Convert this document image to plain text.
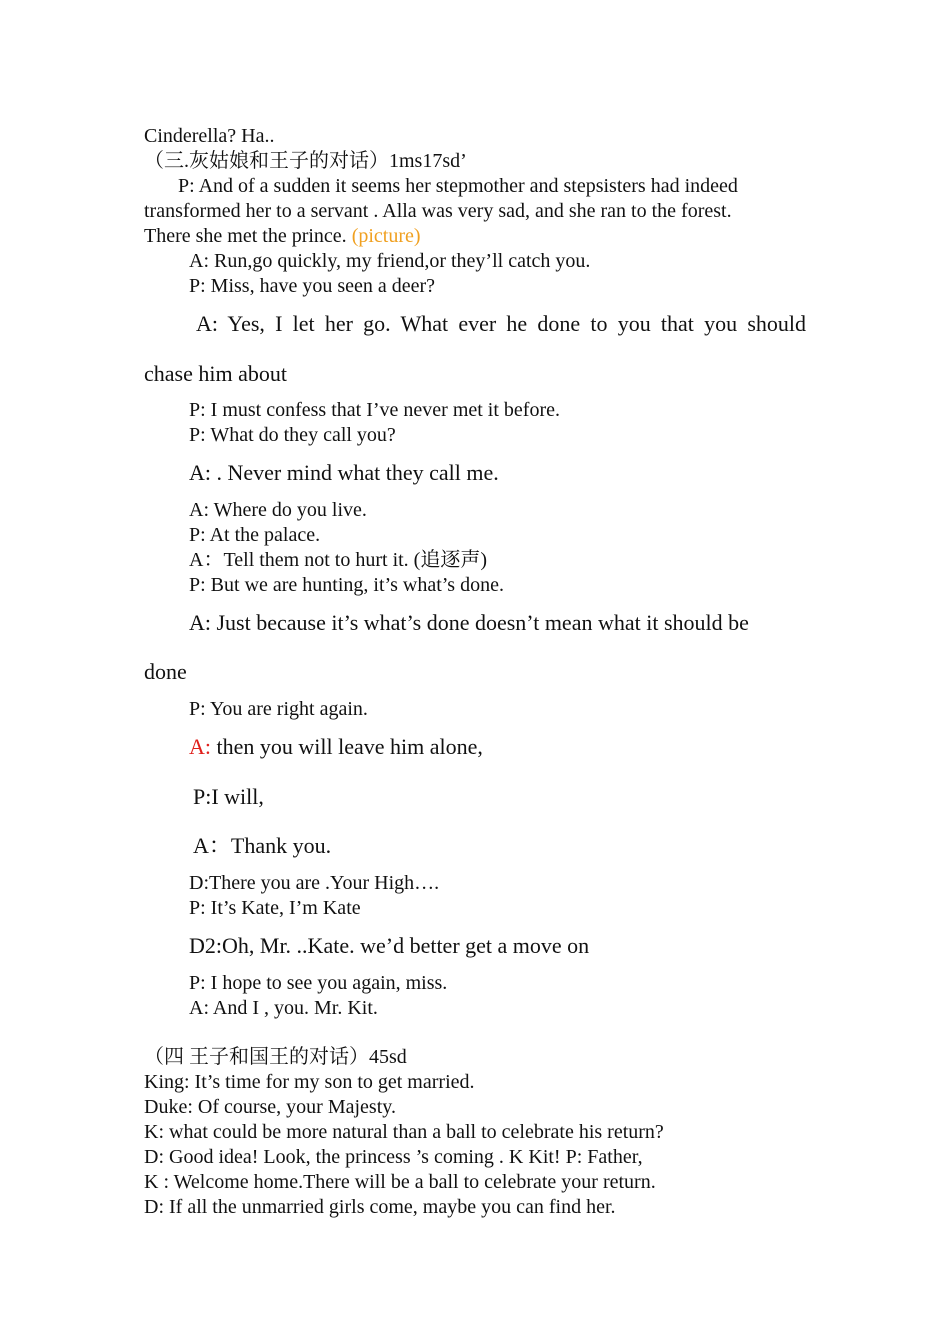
Cinderella? Ha..
（三.灰姑娘和王子的对话）1ms17sd’
P: And of a sudden it seems her stepmother and stepsisters had indeed
transformed her to a servant . Alla was very sad, and she ran to the forest.
There she met the prince. (picture)
A: Run,go quickly, my friend,or they’ll catch you.
P: Miss, have you seen a deer?
A: Yes, I let her go. What ever he done to you that you should
chase him about
P: I must confess that I’ve never met it before.
P: What do they call you?
A: . Never mind what they call me.
A: Where do you live.
P: At the palace.
A：Tell them not to hurt it. (追逐声)
P: But we are hunting, it’s what’s done.
A: Just because it’s what’s done doesn’t mean what it should be
done
P: You are right again.
A: then you will leave him alone,
P:I will,
A：Thank you.
D:There you are .Your High….
P: It’s Kate, I’m Kate
D2:Oh, Mr. ..Kate. we’d better get a move on
P: I hope to see you again, miss.
A: And I , you. Mr. Kit.
（四 王子和国王的对话）45sd
King: It’s time for my son to get married.
Duke: Of course, your Majesty.
K: what could be more natural than a ball to celebrate his return?
D: Good idea! Look, the princess ’s coming . K Kit! P: Father,
K : Welcome home.There will be a ball to celebrate your return.
D: If all the unmarried girls come, maybe you can find her.
